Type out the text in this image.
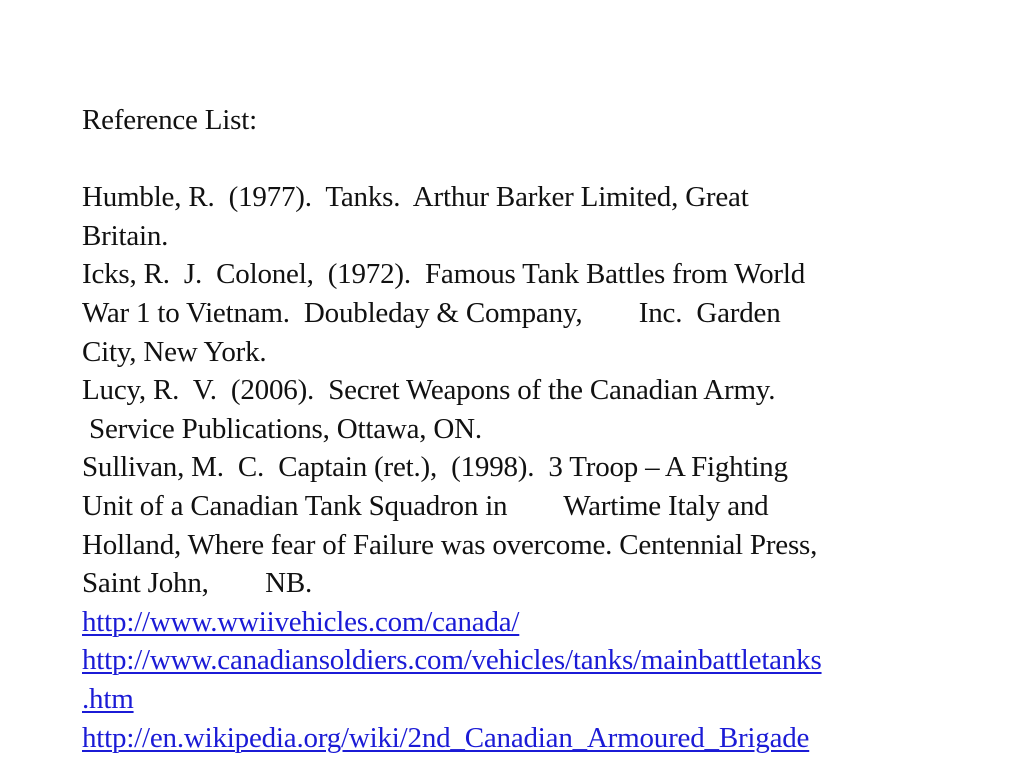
Reference List:
Humble, R.  (1977).  Tanks.  Arthur Barker Limited, Great
Britain.
Icks, R.  J.  Colonel,  (1972).  Famous Tank Battles from World
War 1 to Vietnam.  Doubleday & Company,        Inc.  Garden
City, New York.
Lucy, R.  V.  (2006).  Secret Weapons of the Canadian Army.
Service Publications, Ottawa, ON.
Sullivan, M.  C.  Captain (ret.),  (1998).  3 Troop – A Fighting
Unit of a Canadian Tank Squadron in        Wartime Italy and
Holland, Where fear of Failure was overcome. Centennial Press,
Saint John,        NB.
http://www.wwiivehicles.com/canada/
http://www.canadiansoldiers.com/vehicles/tanks/mainbattletanks
.htm
http://en.wikipedia.org/wiki/2nd_Canadian_Armoured_Brigade
